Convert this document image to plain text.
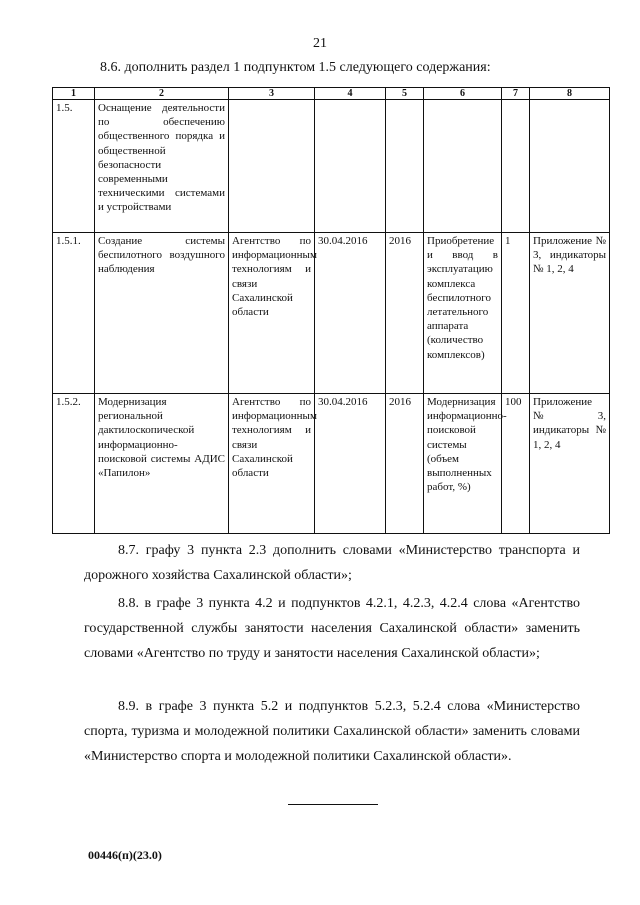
21
8.6. дополнить раздел 1 подпунктом 1.5 следующего содержания:
1	2	3	4	5	6	7	8
1.5.	Оснащение деятельности по обеспечению общественного порядка и общественной безопасности современными техническими системами и устройствами						
1.5.1.	Создание системы беспилотного воздушного наблюдения	Агентство по информационным технологиям и связи Сахалинской области	30.04.2016	2016	Приобретение и ввод в эксплуатацию комплекса беспилотного летательного аппарата (количество комплексов)	1	Приложение № 3, индикаторы № 1, 2, 4
1.5.2.	Модернизация региональной дактилоскопической информационно-поисковой системы АДИС «Папилон»	Агентство по информационным технологиям и связи Сахалинской области	30.04.2016	2016	Модернизация информационно-поисковой системы (объем выполненных работ, %)	100	Приложение №3, индикаторы № 1, 2, 4
8.7. графу 3 пункта 2.3 дополнить словами «Министерство транспорта и дорожного хозяйства Сахалинской области»;
8.8. в графе 3 пункта 4.2 и подпунктов 4.2.1, 4.2.3, 4.2.4 слова «Агентство государственной службы занятости населения Сахалинской области» заменить словами «Агентство по труду и занятости населения Сахалинской области»;
8.9. в графе 3 пункта 5.2 и подпунктов 5.2.3, 5.2.4 слова «Министерство спорта, туризма и молодежной политики Сахалинской области» заменить словами «Министерство спорта и молодежной политики Сахалинской области».
00446(п)(23.0)
